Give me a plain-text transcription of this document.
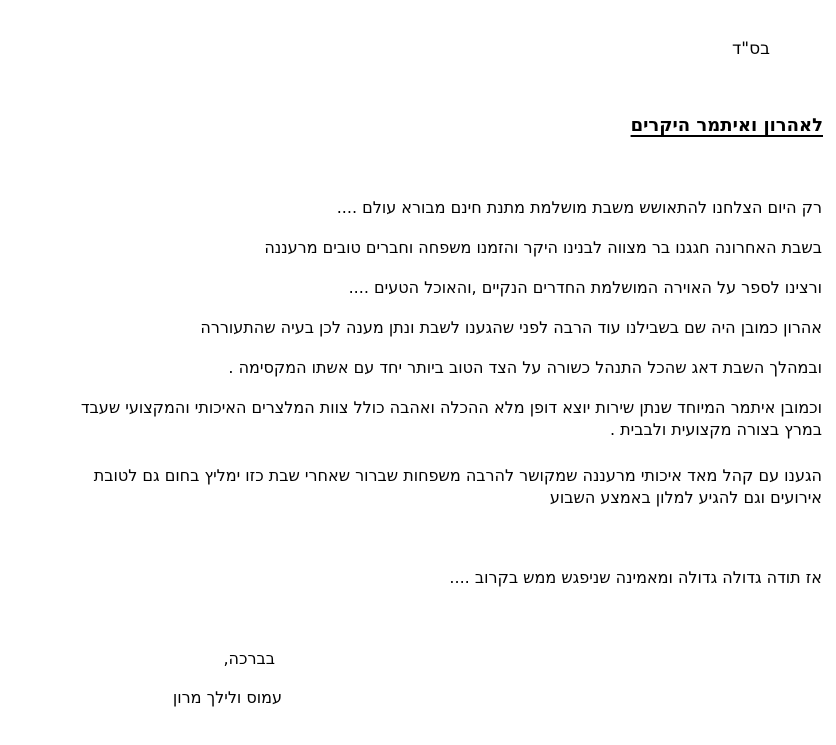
בס"ד
לאהרון ואיתמר היקרים

רק היום הצלחנו להתאושש משבת מושלמת מתנת חינם מבורא עולם ....

בשבת האחרונה חגגנו בר מצווה לבנינו היקר והזמנו משפחה וחברים טובים מרעננה

ורצינו לספר על האוירה המושלמת החדרים הנקיים ,והאוכל הטעים ....

אהרון כמובן היה שם בשבילנו עוד הרבה לפני שהגענו לשבת ונתן מענה לכן בעיה שהתעוררה

ובמהלך השבת דאג שהכל התנהל כשורה על הצד הטוב ביותר יחד עם אשתו המקסימה .

וכמובן איתמר המיוחד שנתן שירות יוצא דופן מלא ההכלה ואהבה כולל צוות המלצרים האיכותי והמקצועי שעבד במרץ בצורה מקצועית ולבבית .

הגענו עם קהל מאד איכותי מרעננה שמקושר להרבה משפחות שברור שאחרי שבת כזו ימליץ בחום גם לטובת אירועים וגם להגיע למלון באמצע השבוע

אז תודה גדולה גדולה ומאמינה שניפגש ממש בקרוב ....

בברכה,

עמוס ולילך מרון
